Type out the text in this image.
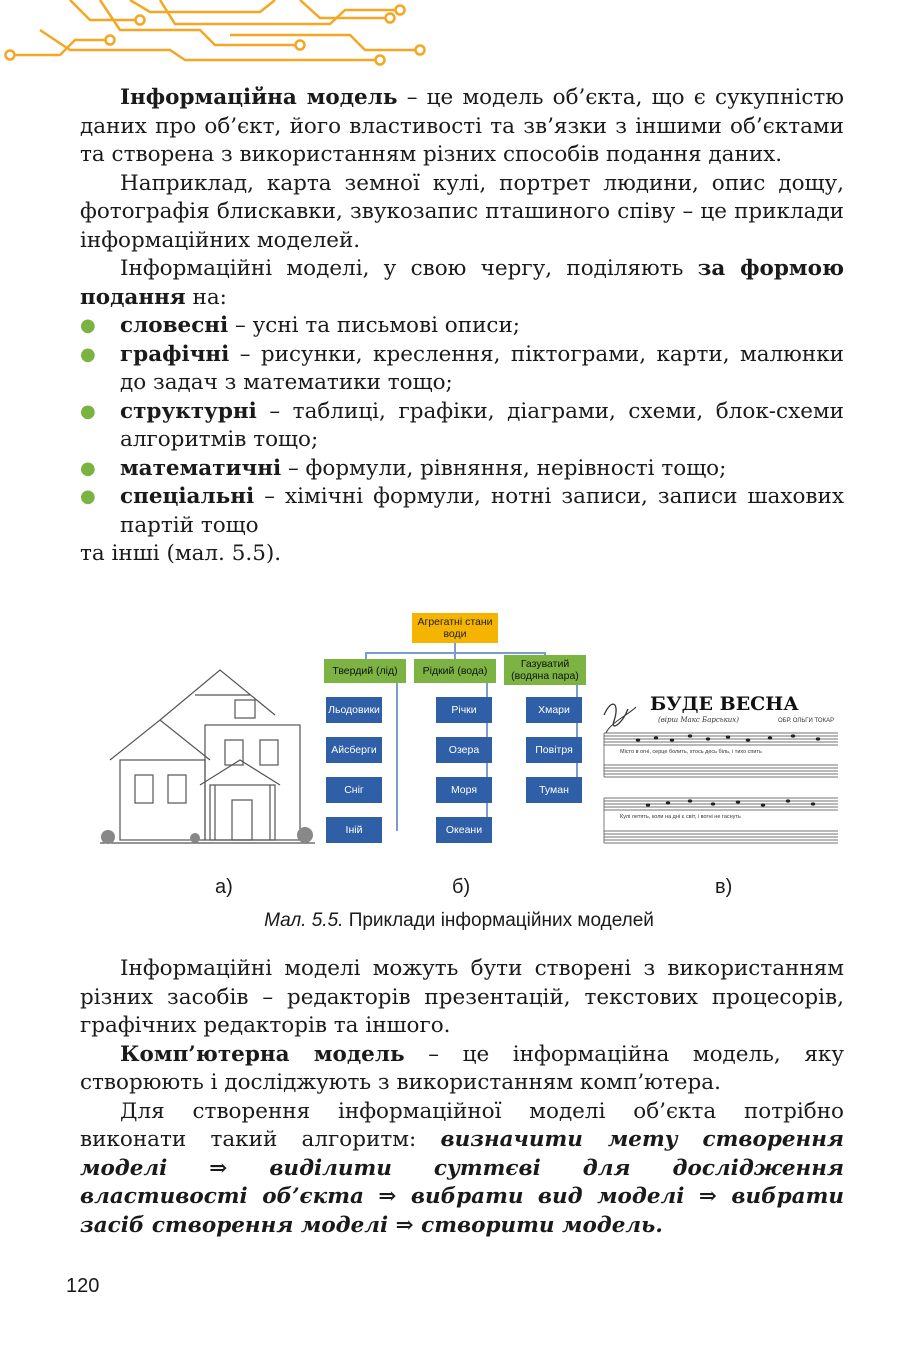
Інформаційна модель – це модель об’єкта, що є сукупністю даних про об’єкт, його властивості та зв’язки з іншими об’єктами та створена з використанням різних способів подання даних.

Наприклад, карта земної кулі, портрет людини, опис дощу, фотографія блискавки, звукозапис пташиного співу – це приклади інформаційних моделей.

Інформаційні моделі, у свою чергу, поділяють за формою подання на:

● словесні – усні та письмові описи;
● графічні – рисунки, креслення, піктограми, карти, малюнки до задач з математики тощо;
● структурні – таблиці, графіки, діаграми, схеми, блок-схеми алгоритмів тощо;
● математичні – формули, рівняння, нерівності тощо;
● спеціальні – хімічні формули, нотні записи, записи шахових партій тощо

та інші (мал. 5.5).

Агрегатні стани води
Твердий (лід)	Рідкий (вода)
Газуватий (водяна пара)
Льодовики
Айсберги
Сніг
Іній
Річки
Озера
Моря
Океани
Хмари
Повітря
Туман
БУДЕ ВЕСНА
(вірш Макс Барських)	ОБР. ОЛЬГИ ТОКАР
Місто в огні, серце болить, хтось десь біль, і тихо спить
Кулі летять, коли на дні є світ, і вогні не гаснуть
а)	б)	в)
Мал. 5.5. Приклади інформаційних моделей

Інформаційні моделі можуть бути створені з використанням різних засобів – редакторів презентацій, текстових процесорів, графічних редакторів та іншого.

Комп’ютерна модель – це інформаційна модель, яку створюють і досліджують з використанням комп’ютера.

Для створення інформаційної моделі об’єкта потрібно виконати такий алгоритм: визначити мету створення моделі ⇒ виділити суттєві для дослідження властивості об’єкта ⇒ вибрати вид моделі ⇒ вибрати засіб створення моделі ⇒ створити модель.

120
